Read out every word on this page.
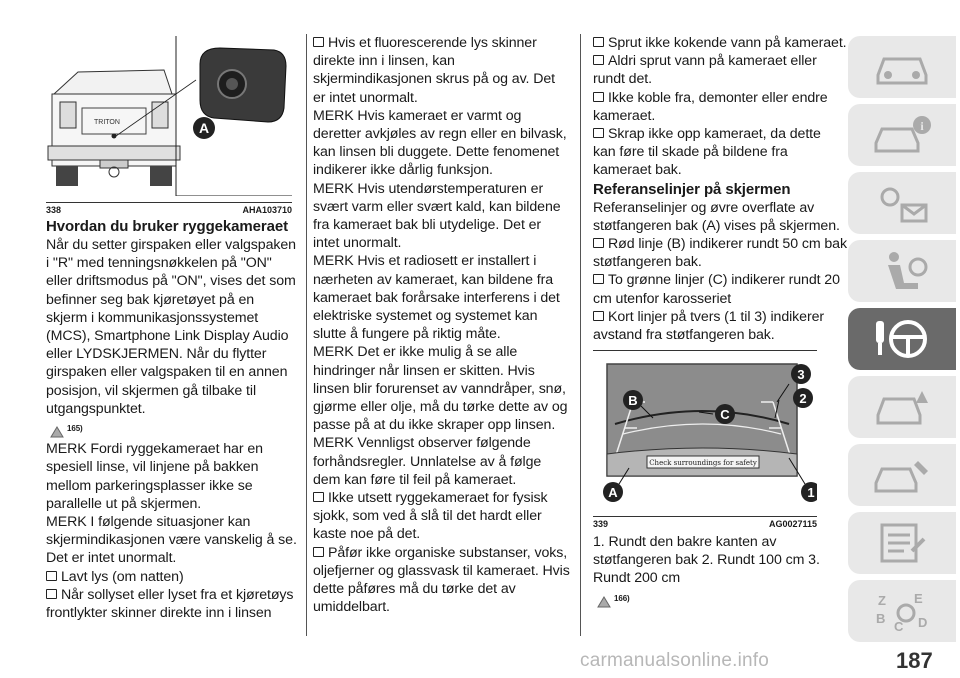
TRITON	A
338	AHA103710

Hvordan du bruker ryggekameraet

Når du setter girspaken eller valgspaken i "R" med tenningsnøkkelen på "ON" eller driftsmodus på "ON", vises det som befinner seg bak kjøretøyet på en skjerm i kommunikasjonssystemet (MCS), Smartphone Link Display Audio eller LYDSKJERMEN. Når du flytter girspaken eller valgspaken til en annen posisjon, vil skjermen gå tilbake til utgangspunktet.

165)

MERK Fordi ryggekameraet har en spesiell linse, vil linjene på bakken mellom parkeringsplasser ikke se parallelle ut på skjermen.

MERK I følgende situasjoner kan skjermindikasjonen være vanskelig å se. Det er intet unormalt.

Lavt lys (om natten)

Når sollyset eller lyset fra et kjøretøys frontlykter skinner direkte inn i linsen

Hvis et fluorescerende lys skinner direkte inn i linsen, kan skjermindikasjonen skrus på og av. Det er intet unormalt.

MERK Hvis kameraet er varmt og deretter avkjøles av regn eller en bilvask, kan linsen bli duggete. Dette fenomenet indikerer ikke dårlig funksjon.

MERK Hvis utendørstemperaturen er svært varm eller svært kald, kan bildene fra kameraet bak bli utydelige. Det er intet unormalt.

MERK Hvis et radiosett er installert i nærheten av kameraet, kan bildene fra kameraet bak forårsake interferens i det elektriske systemet og systemet kan slutte å fungere på riktig måte.

MERK Det er ikke mulig å se alle hindringer når linsen er skitten. Hvis linsen blir forurenset av vanndråper, snø, gjørme eller olje, må du tørke dette av og passe på at du ikke skraper opp linsen.

MERK Vennligst observer følgende forhåndsregler. Unnlatelse av å følge dem kan føre til feil på kameraet.

Ikke utsett ryggekameraet for fysisk sjokk, som ved å slå til det hardt eller kaste noe på det.

Påfør ikke organiske substanser, voks, oljefjerner og glassvask til kameraet. Hvis dette påføres må du tørke det av umiddelbart.

Sprut ikke kokende vann på kameraet.

Aldri sprut vann på kameraet eller rundt det.

Ikke koble fra, demonter eller endre kameraet.

Skrap ikke opp kameraet, da dette kan føre til skade på bildene fra kameraet bak.

Referanselinjer på skjermen

Referanselinjer og øvre overflate av støtfangeren bak (A) vises på skjermen.

Rød linje (B) indikerer rundt 50 cm bak støtfangeren bak.

To grønne linjer (C) indikerer rundt 20 cm utenfor karosseriet

Kort linjer på tvers (1 til 3) indikerer avstand fra støtfangeren bak.

Check surroundings for safety
B
C
3
2
1
A
339	AG0027115

1. Rundt den bakre kanten av støtfangeren bak 2. Rundt 100 cm 3. Rundt 200 cm

166)
i
Z E
B
C D
187
carmanualsonline.info
